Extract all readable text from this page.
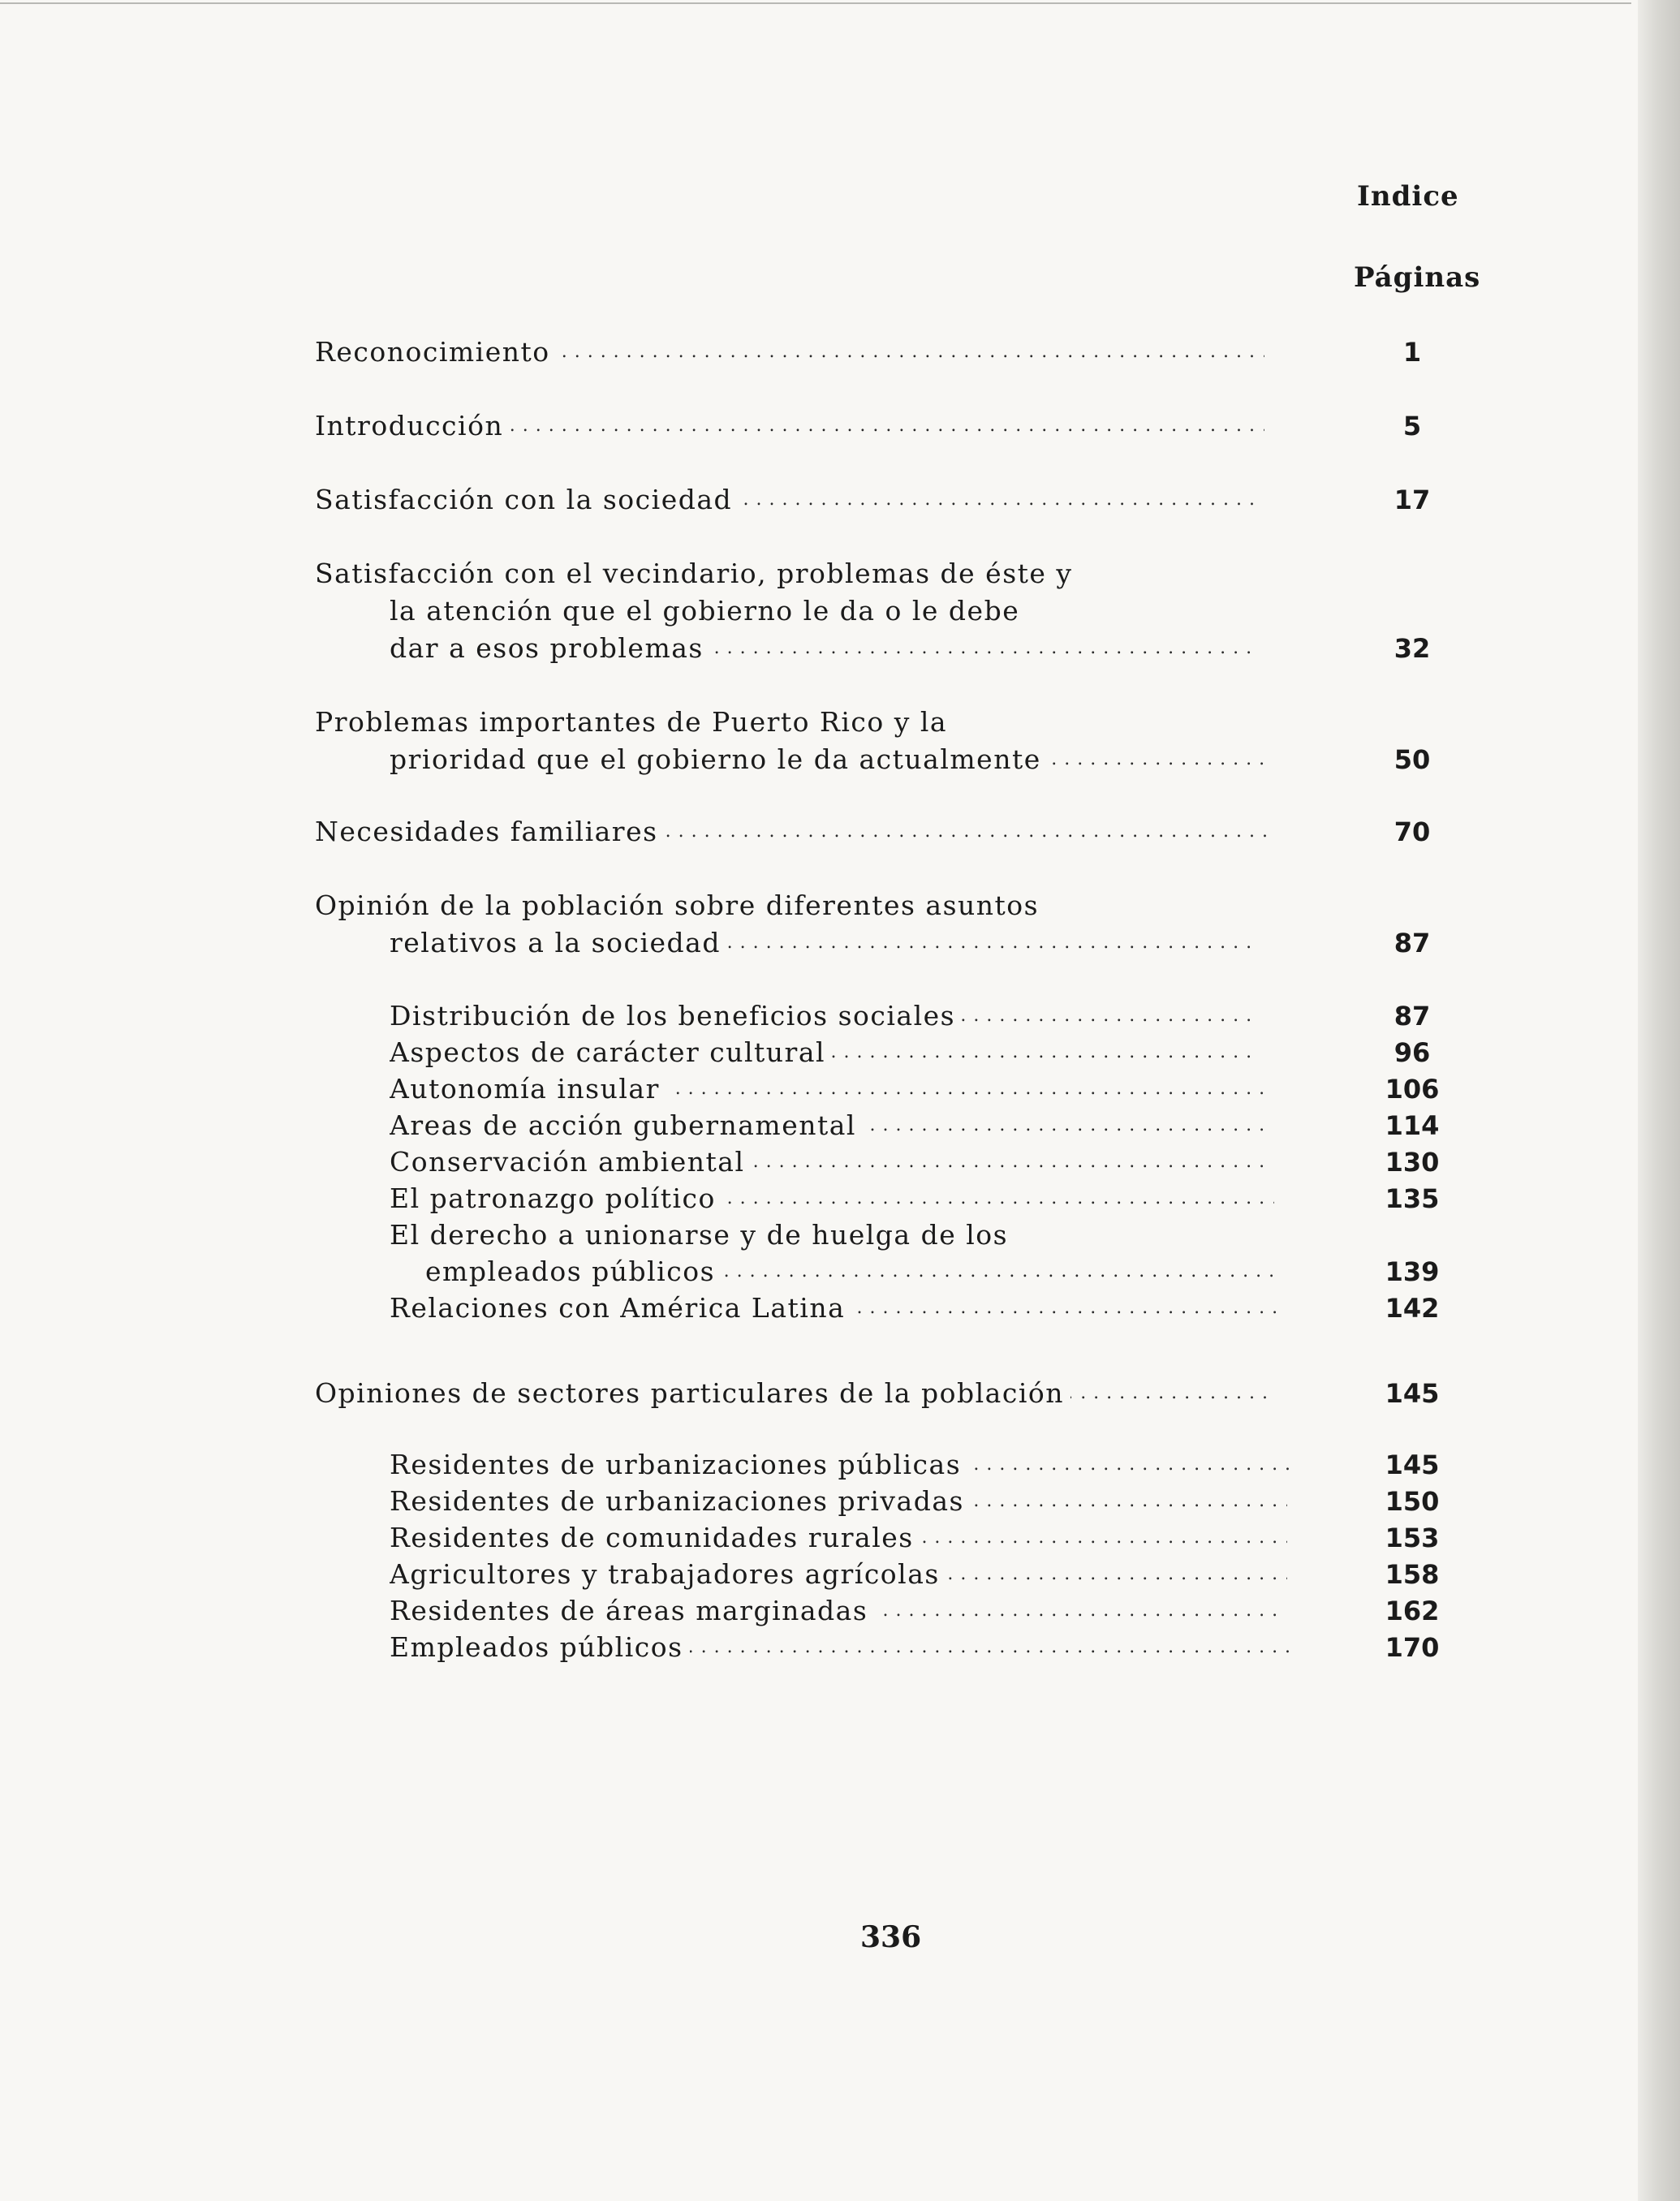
Indice
Páginas
Reconocimiento . . .	1
Introducción . . .	5
Satisfacción con la sociedad . . .	17
Satisfacción con el vecindario, problemas de éste y
la atención que el gobierno le da o le debe
dar a esos problemas . . .	32
Problemas importantes de Puerto Rico y la
prioridad que el gobierno le da actualmente . . .	50
Necesidades familiares . . .	70
Opinión de la población sobre diferentes asuntos
relativos a la sociedad . . .	87
Distribución de los beneficios sociales . . .	87
Aspectos de carácter cultural . . .	96
Autonomía insular . . .	106
Areas de acción gubernamental . . .	114
Conservación ambiental . . .	130
El patronazgo político . . .	135
El derecho a unionarse y de huelga de los
empleados públicos . . .	139
Relaciones con América Latina . . .	142
Opiniones de sectores particulares de la población . . .	145
Residentes de urbanizaciones públicas . . .	145
Residentes de urbanizaciones privadas . . .	150
Residentes de comunidades rurales . . .	153
Agricultores y trabajadores agrícolas . . .	158
Residentes de áreas marginadas . . .	162
Empleados públicos . . .	170
336
